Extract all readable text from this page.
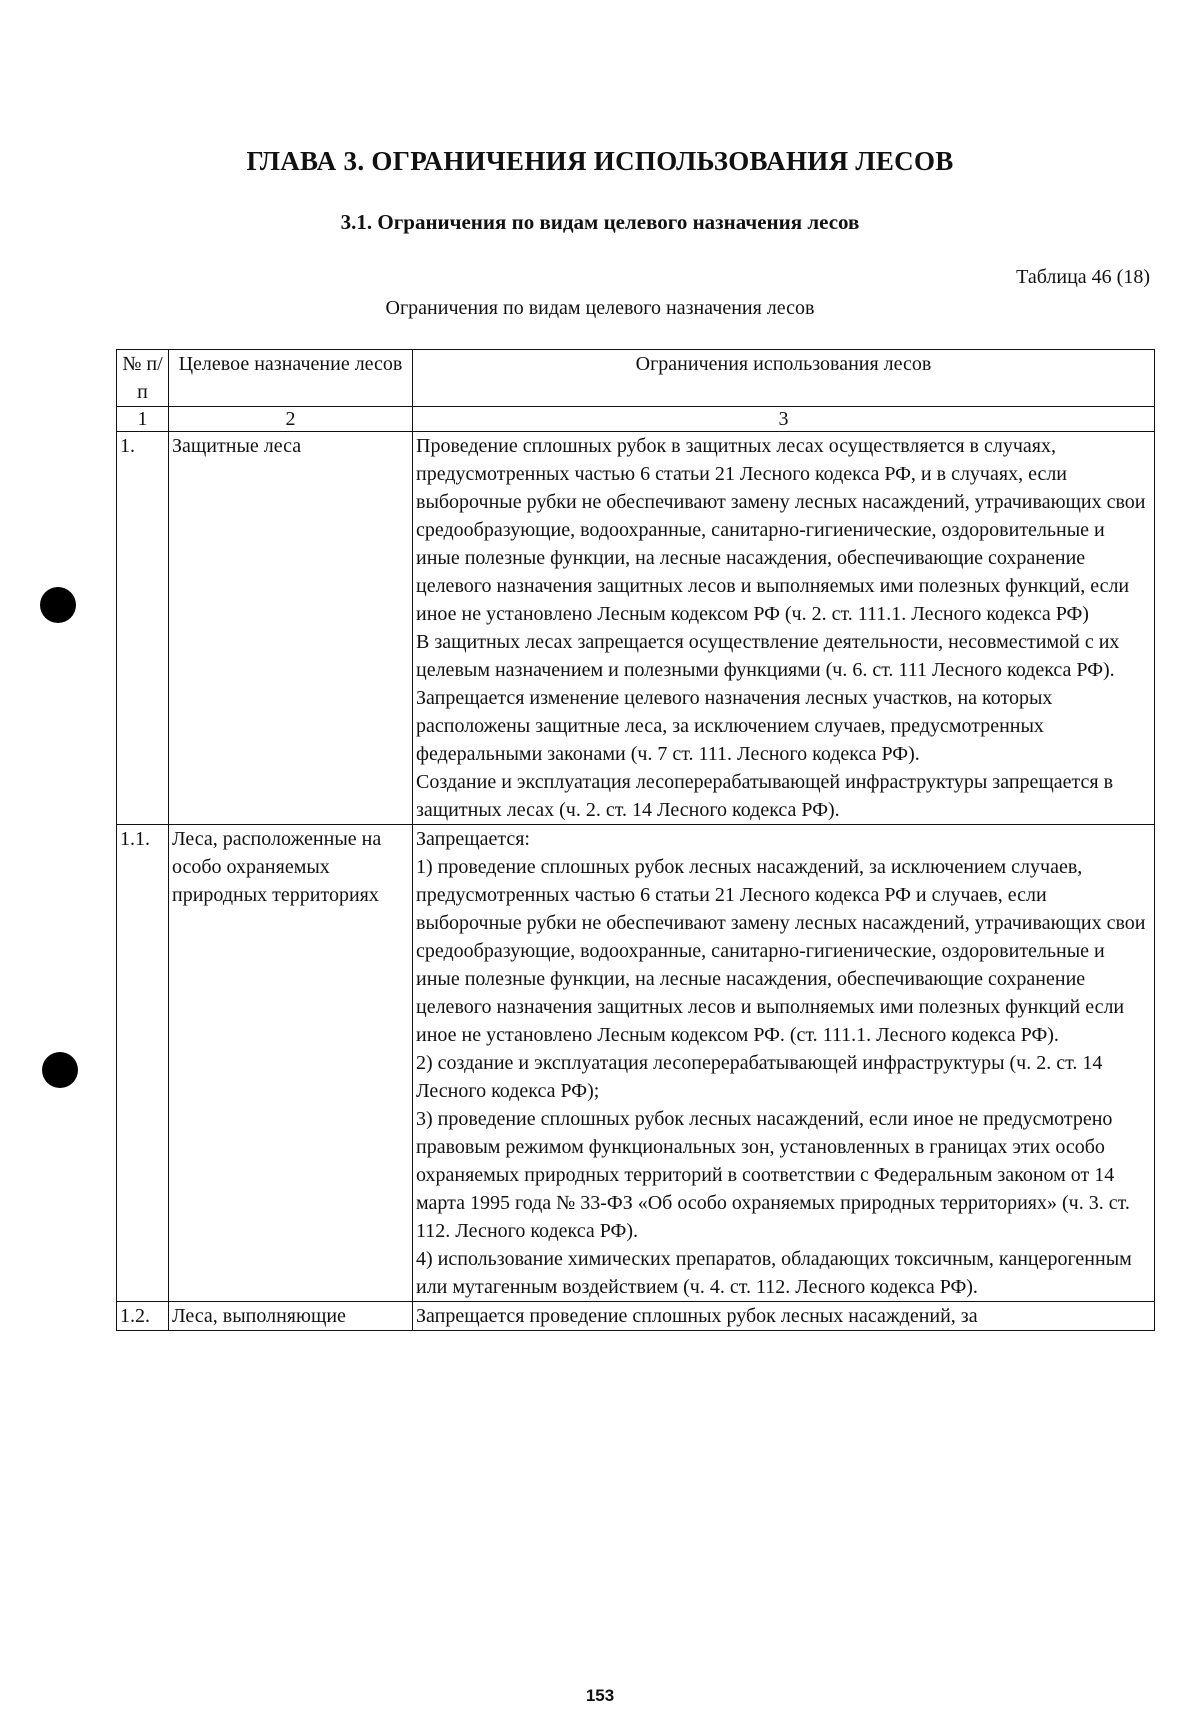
ГЛАВА 3. ОГРАНИЧЕНИЯ ИСПОЛЬЗОВАНИЯ ЛЕСОВ
3.1. Ограничения по видам целевого назначения лесов
Таблица 46 (18)
Ограничения по видам целевого назначения лесов
№ п/п	Целевое назначение лесов	Ограничения использования лесов
1	2	3
1.	Защитные леса	Проведение сплошных рубок в защитных лесах осуществляется в случаях, предусмотренных частью 6 статьи 21 Лесного кодекса РФ, и в случаях, если выборочные рубки не обеспечивают замену лесных насаждений, утрачивающих свои средообразующие, водоохранные, санитарно-гигиенические, оздоровительные и иные полезные функции, на лесные насаждения, обеспечивающие сохранение целевого назначения защитных лесов и выполняемых ими полезных функций, если иное не установлено Лесным кодексом РФ (ч. 2. ст. 111.1. Лесного кодекса РФ)
В защитных лесах запрещается осуществление деятельности, несовместимой с их целевым назначением и полезными функциями (ч. 6. ст. 111 Лесного кодекса РФ).
Запрещается изменение целевого назначения лесных участков, на которых расположены защитные леса, за исключением случаев, предусмотренных федеральными законами (ч. 7 ст. 111. Лесного кодекса РФ).
Создание и эксплуатация лесоперерабатывающей инфраструктуры запрещается в защитных лесах (ч. 2. ст. 14 Лесного кодекса РФ).

1.1.	Леса, расположенные на особо охраняемых природных территориях	Запрещается:
1) проведение сплошных рубок лесных насаждений, за исключением случаев, предусмотренных частью 6 статьи 21 Лесного кодекса РФ и случаев, если выборочные рубки не обеспечивают замену лесных насаждений, утрачивающих свои средообразующие, водоохранные, санитарно-гигиенические, оздоровительные и иные полезные функции, на лесные насаждения, обеспечивающие сохранение целевого назначения защитных лесов и выполняемых ими полезных функций если иное не установлено Лесным кодексом РФ. (ст. 111.1. Лесного кодекса РФ).
2) создание и эксплуатация лесоперерабатывающей инфраструктуры (ч. 2. ст. 14 Лесного кодекса РФ);
3) проведение сплошных рубок лесных насаждений, если иное не предусмотрено правовым режимом функциональных зон, установленных в границах этих особо охраняемых природных территорий в соответствии с Федеральным законом от 14 марта 1995 года № 33-ФЗ «Об особо охраняемых природных территориях» (ч. 3. ст. 112. Лесного кодекса РФ).
4) использование химических препаратов, обладающих токсичным, канцерогенным или мутагенным воздействием (ч. 4. ст. 112. Лесного кодекса РФ).

1.2.	Леса, выполняющие	Запрещается проведение сплошных рубок лесных насаждений, за
153
